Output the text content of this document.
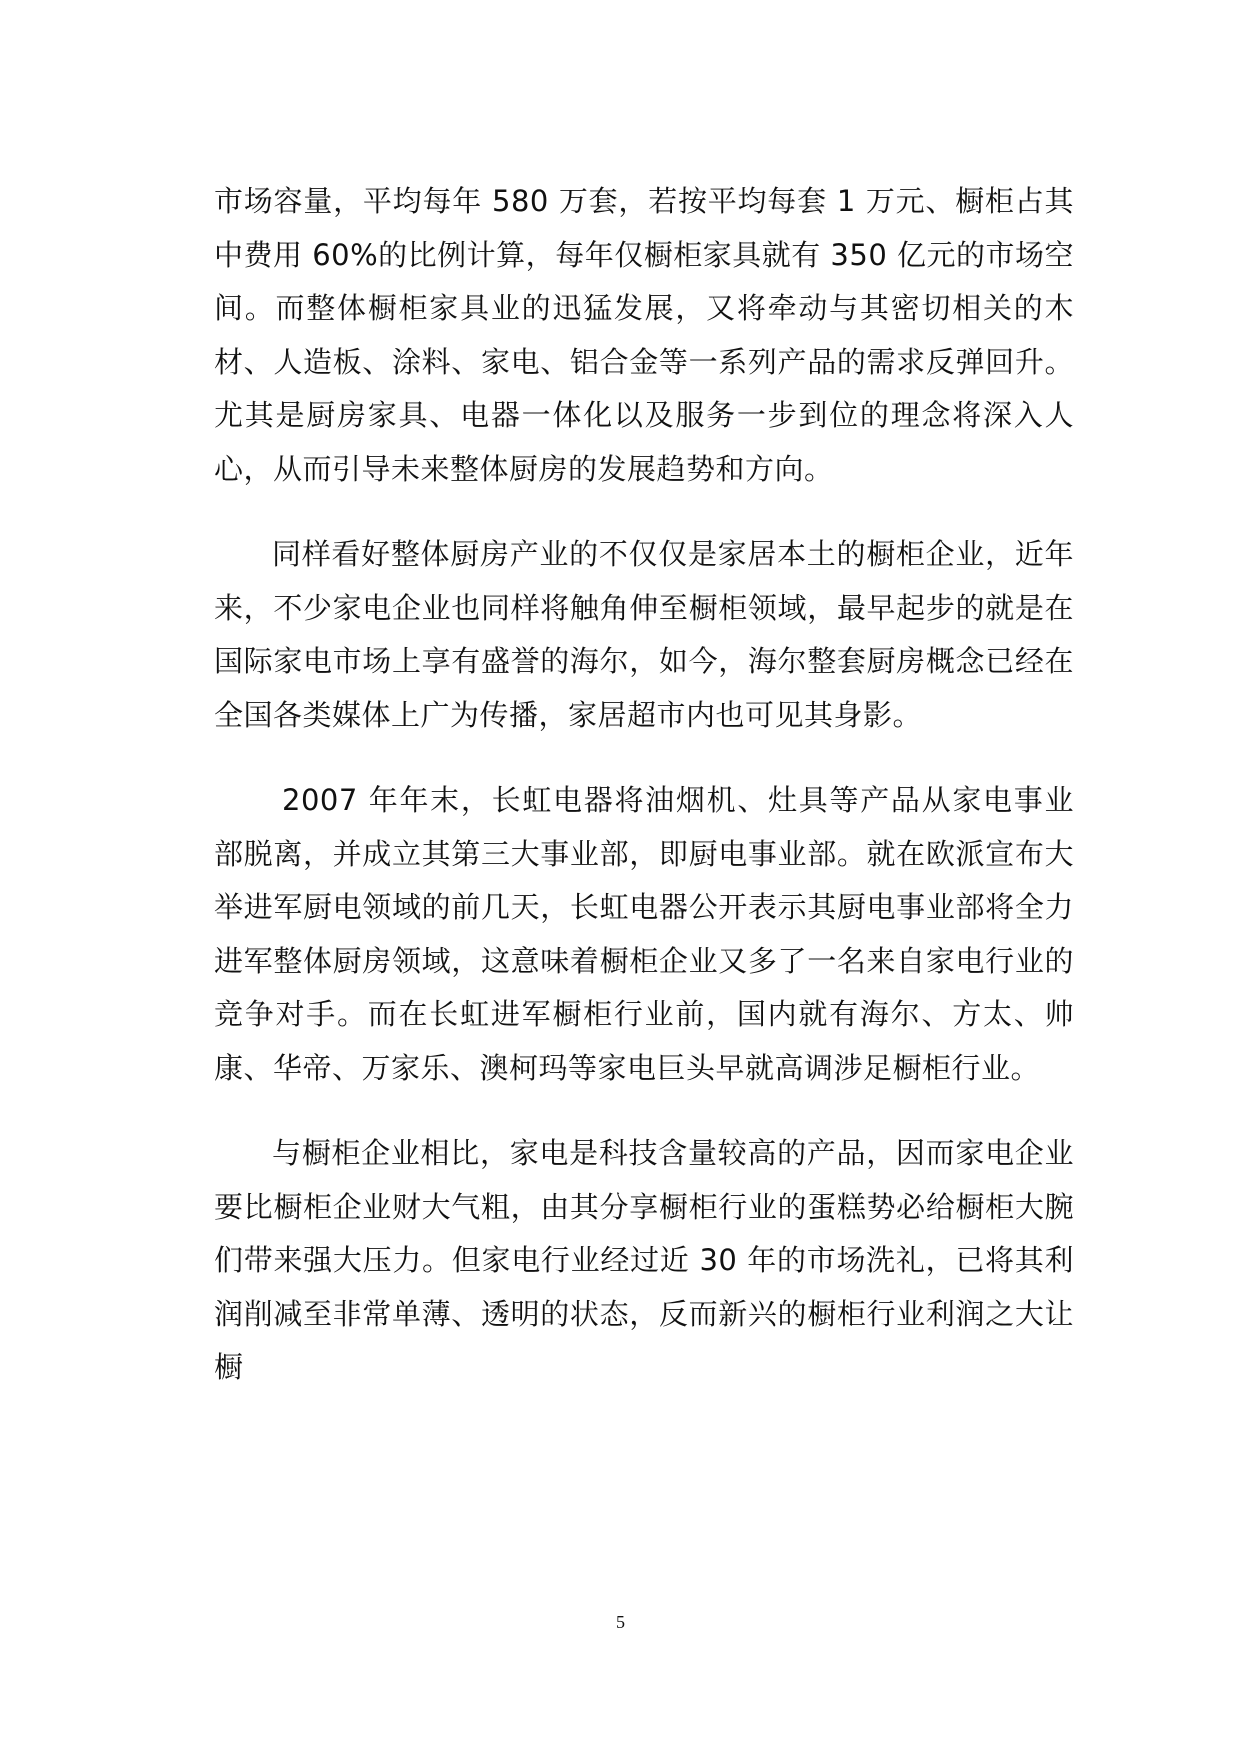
市场容量，平均每年 580 万套，若按平均每套 1 万元、橱柜占其中费用 60%的比例计算，每年仅橱柜家具就有 350 亿元的市场空间。而整体橱柜家具业的迅猛发展，又将牵动与其密切相关的木材、人造板、涂料、家电、铝合金等一系列产品的需求反弹回升。尤其是厨房家具、电器一体化以及服务一步到位的理念将深入人心，从而引导未来整体厨房的发展趋势和方向。

同样看好整体厨房产业的不仅仅是家居本土的橱柜企业，近年来，不少家电企业也同样将触角伸至橱柜领域，最早起步的就是在国际家电市场上享有盛誉的海尔，如今，海尔整套厨房概念已经在全国各类媒体上广为传播，家居超市内也可见其身影。

2007 年年末，长虹电器将油烟机、灶具等产品从家电事业部脱离，并成立其第三大事业部，即厨电事业部。就在欧派宣布大举进军厨电领域的前几天，长虹电器公开表示其厨电事业部将全力进军整体厨房领域，这意味着橱柜企业又多了一名来自家电行业的竞争对手。而在长虹进军橱柜行业前，国内就有海尔、方太、帅康、华帝、万家乐、澳柯玛等家电巨头早就高调涉足橱柜行业。

与橱柜企业相比，家电是科技含量较高的产品，因而家电企业要比橱柜企业财大气粗，由其分享橱柜行业的蛋糕势必给橱柜大腕们带来强大压力。但家电行业经过近 30 年的市场洗礼，已将其利润削减至非常单薄、透明的状态，反而新兴的橱柜行业利润之大让橱

5
